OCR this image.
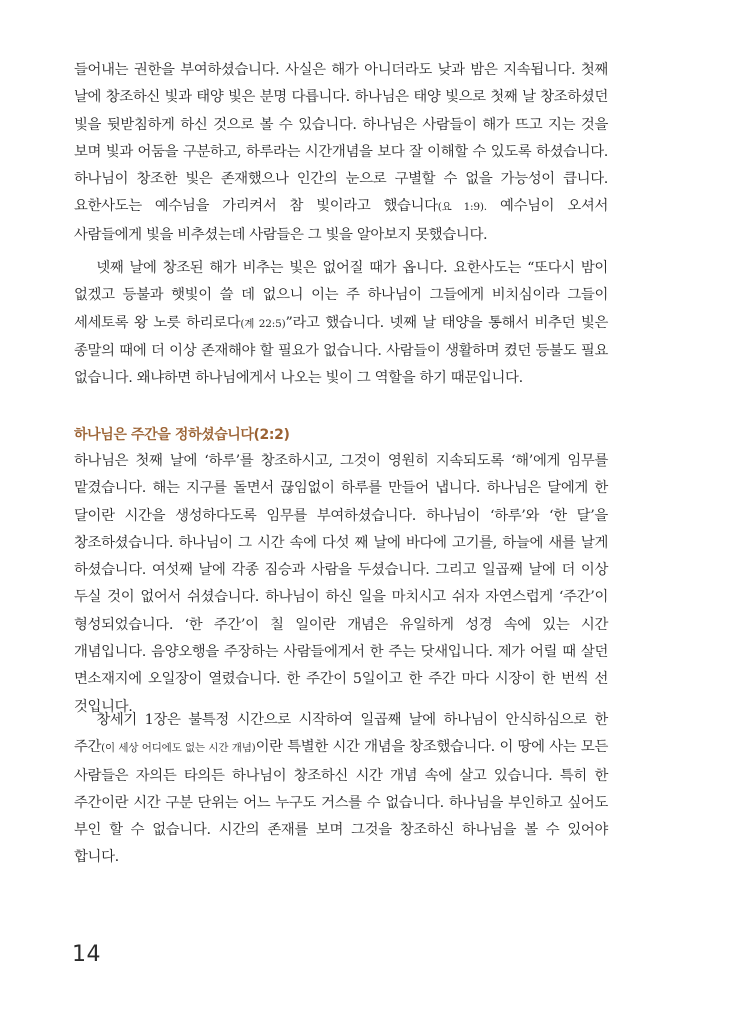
들어내는 권한을 부여하셨습니다. 사실은 해가 아니더라도 낮과 밤은 지속됩니다. 첫째 날에 창조하신 빛과 태양 빛은 분명 다릅니다. 하나님은 태양 빛으로 첫째 날 창조하셨던 빛을 뒷받침하게 하신 것으로 볼 수 있습니다. 하나님은 사람들이 해가 뜨고 지는 것을 보며 빛과 어둠을 구분하고, 하루라는 시간개념을 보다 잘 이해할 수 있도록 하셨습니다. 하나님이 창조한 빛은 존재했으나 인간의 눈으로 구별할 수 없을 가능성이 큽니다. 요한사도는 예수님을 가리켜서 참 빛이라고 했습니다(요 1:9). 예수님이 오셔서 사람들에게 빛을 비추셨는데 사람들은 그 빛을 알아보지 못했습니다.

넷째 날에 창조된 해가 비추는 빛은 없어질 때가 옵니다. 요한사도는 “또다시 밤이 없겠고 등불과 햇빛이 쓸 데 없으니 이는 주 하나님이 그들에게 비치심이라 그들이 세세토록 왕 노릇 하리로다(계 22:5)”라고 했습니다. 넷째 날 태양을 통해서 비추던 빛은 종말의 때에 더 이상 존재해야 할 필요가 없습니다. 사람들이 생활하며 켰던 등불도 필요 없습니다. 왜냐하면 하나님에게서 나오는 빛이 그 역할을 하기 때문입니다.

하나님은 주간을 정하셨습니다(2:2)

하나님은 첫째 날에 ‘하루’를 창조하시고, 그것이 영원히 지속되도록 ‘해’에게 임무를 맡겼습니다. 해는 지구를 돌면서 끊임없이 하루를 만들어 냅니다. 하나님은 달에게 한 달이란 시간을 생성하다도록 임무를 부여하셨습니다. 하나님이 ‘하루’와 ‘한 달’을 창조하셨습니다. 하나님이 그 시간 속에 다섯 째 날에 바다에 고기를, 하늘에 새를 날게 하셨습니다. 여섯째 날에 각종 짐승과 사람을 두셨습니다. 그리고 일곱째 날에 더 이상 두실 것이 없어서 쉬셨습니다. 하나님이 하신 일을 마치시고 쉬자 자연스럽게 ‘주간’이 형성되었습니다. ‘한 주간’이 칠 일이란 개념은 유일하게 성경 속에 있는 시간 개념입니다. 음양오행을 주장하는 사람들에게서 한 주는 닷새입니다. 제가 어릴 때 살던 면소재지에 오일장이 열렸습니다. 한 주간이 5일이고 한 주간 마다 시장이 한 번씩 선 것입니다.

창세기 1장은 불특정 시간으로 시작하여 일곱째 날에 하나님이 안식하심으로 한 주간(이 세상 어디에도 없는 시간 개념)이란 특별한 시간 개념을 창조했습니다. 이 땅에 사는 모든 사람들은 자의든 타의든 하나님이 창조하신 시간 개념 속에 살고 있습니다. 특히 한 주간이란 시간 구분 단위는 어느 누구도 거스를 수 없습니다. 하나님을 부인하고 싶어도 부인 할 수 없습니다. 시간의 존재를 보며 그것을 창조하신 하나님을 볼 수 있어야 합니다.

14
